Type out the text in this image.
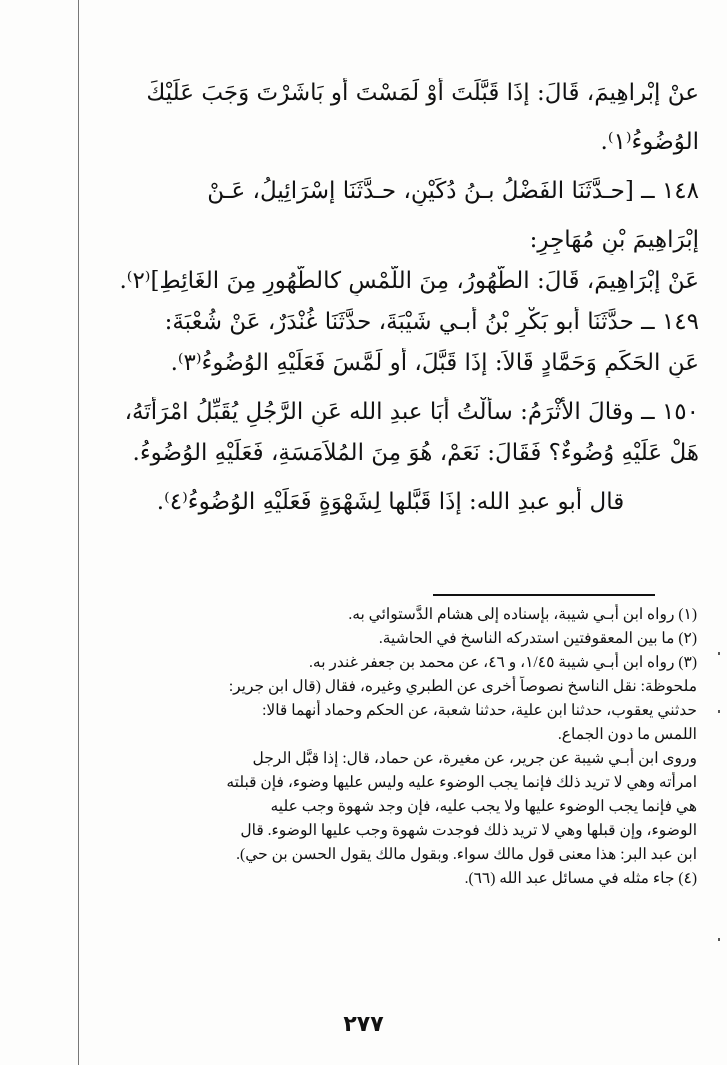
عنْ إبْراهِيمَ، قَالَ: إذَا قَبَّلَتَ أَوْ لَمَسْتَ أو بَاشَرْتَ وَجَبَ عَلَيْكَ
الوُضُوءُ⁽١⁾.
١٤٨ ــ [حـدَّثَنَا الفَضْلُ بـنُ دُكَيْنٍ، حـدَّثَنَا إسْرَائِيلُ، عَـنْ
إبْرَاهِيمَ بْنِ مُهَاجِرٍ:
عَنْ إبْرَاهِيمَ، قَالَ: الطُّهُورُ، مِنَ اللَّمْسِ كالطُّهُورِ مِنَ الغَائِطِ]⁽٢⁾.
١٤٩ ــ حدَّثَنَا أبو بَكْرِ بْنُ أبـي شَيْبَةَ، حدَّثَنَا غُنْدَرٌ، عَنْ شُعْبَةَ:
عَنِ الحَكَمِ وَحَمَّادٍ قَالاَ: إذَا قَبَّلَ، أو لَمَّسَ فَعَلَيْهِ الوُضُوءُ⁽٣⁾.
١٥٠ ــ وقالَ الأَثْرَمُ: سأَلْتُ أَبَا عبدِ الله عَنِ الرَّجُلِ يُقَبِّلُ امْرَأَتَهُ،
هَلْ عَلَيْهِ وُضُوءٌ؟ فَقَالَ: نَعَمْ، هُوَ مِنَ المُلاَمَسَةِ، فَعَلَيْهِ الوُضُوءُ.
قال أبو عبدِ الله: إذَا قَبَّلها لِشَهْوَةٍ فَعَلَيْهِ الوُضُوءُ⁽٤⁾.
(١) رواه ابن أبـي شيبة، بإسناده إلى هشام الدَّستوائي به.
(٢) ما بين المعقوفتين استدركه الناسخ في الحاشية.
(٣) رواه ابن أبـي شيبة ١/٤٥، و ٤٦، عن محمد بن جعفر غندر به.
ملحوظة: نقل الناسخ نصوصاً أخرى عن الطبري وغيره، فقال (قال ابن جرير:
حدثني يعقوب، حدثنا ابن علية، حدثنا شعبة، عن الحكم وحماد أنهما قالا:
اللمس ما دون الجماع.
وروى ابن أبـي شيبة عن جرير، عن مغيرة، عن حماد، قال: إذا قبَّل الرجل
امرأته وهي لا تريد ذلك فإنما يجب الوضوء عليه وليس عليها وضوء، فإن قبلته
هي فإنما يجب الوضوء عليها ولا يجب عليه، فإن وجد شهوة وجب عليه
الوضوء، وإن قبلها وهي لا تريد ذلك فوجدت شهوة وجب عليها الوضوء. قال
ابن عبد البر: هذا معنى قول مالك سواء. وبقول مالك يقول الحسن بن حي).
(٤) جاء مثله في مسائل عبد الله (٦٦).
٢٧٧
